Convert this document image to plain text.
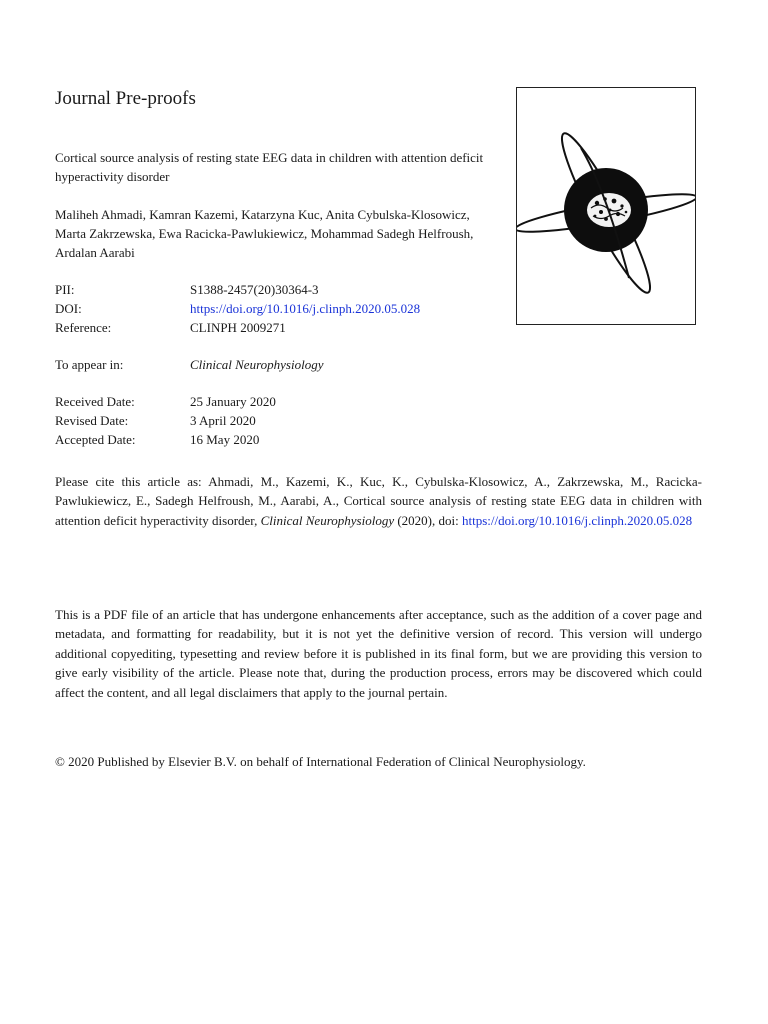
Journal Pre-proofs
Cortical source analysis of resting state EEG data in children with attention deficit hyperactivity disorder
Maliheh Ahmadi, Kamran Kazemi, Katarzyna Kuc, Anita Cybulska-Klosowicz, Marta Zakrzewska, Ewa Racicka-Pawlukiewicz, Mohammad Sadegh Helfroush, Ardalan Aarabi
PII:	S1388-2457(20)30364-3
DOI:	https://doi.org/10.1016/j.clinph.2020.05.028
Reference:	CLINPH 2009271
To appear in:	Clinical Neurophysiology
Received Date:	25 January 2020
Revised Date:	3 April 2020
Accepted Date:	16 May 2020

Please cite this article as: Ahmadi, M., Kazemi, K., Kuc, K., Cybulska-Klosowicz, A., Zakrzewska, M., Racicka-Pawlukiewicz, E., Sadegh Helfroush, M., Aarabi, A., Cortical source analysis of resting state EEG data in children with attention deficit hyperactivity disorder, Clinical Neurophysiology (2020), doi: https://doi.org/10.1016/j.clinph.2020.05.028

This is a PDF file of an article that has undergone enhancements after acceptance, such as the addition of a cover page and metadata, and formatting for readability, but it is not yet the definitive version of record. This version will undergo additional copyediting, typesetting and review before it is published in its final form, but we are providing this version to give early visibility of the article. Please note that, during the production process, errors may be discovered which could affect the content, and all legal disclaimers that apply to the journal pertain.

© 2020 Published by Elsevier B.V. on behalf of International Federation of Clinical Neurophysiology.
